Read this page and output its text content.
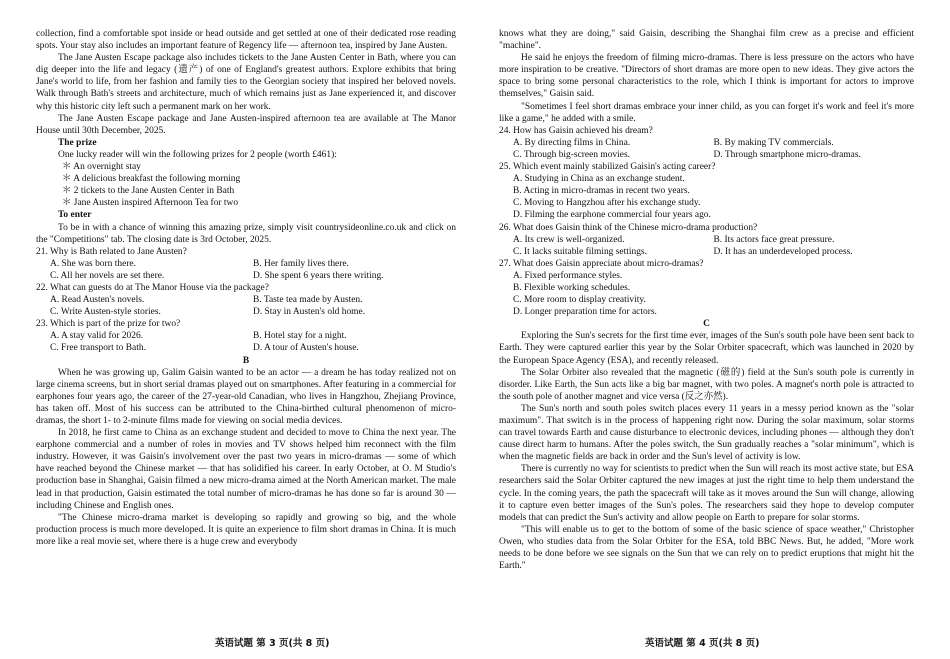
collection, find a comfortable spot inside or head outside and get settled at one of their dedicated rose reading spots. Your stay also includes an important feature of Regency life — afternoon tea, inspired by Jane Austen.

The Jane Austen Escape package also includes tickets to the Jane Austen Center in Bath, where you can dig deeper into the life and legacy (遗产) of one of England's greatest authors. Explore exhibits that bring Jane's world to life, from her fashion and family ties to the Georgian society that inspired her beloved novels. Walk through Bath's streets and architecture, much of which remains just as Jane experienced it, and discover why this historic city left such a permanent mark on her work.

The Jane Austen Escape package and Jane Austen-inspired afternoon tea are available at The Manor House until 30th December, 2025.

The prize

One lucky reader will win the following prizes for 2 people (worth £461):

＊ An overnight stay

＊ A delicious breakfast the following morning

＊ 2 tickets to the Jane Austen Center in Bath

＊ Jane Austen inspired Afternoon Tea for two

To enter

To be in with a chance of winning this amazing prize, simply visit countrysideonline.co.uk and click on the "Competitions" tab. The closing date is 3rd October, 2025.

21. Why is Bath related to Jane Austen?

A. She was born there.	B. Her family lives there.
C. All her novels are set there.	D. She spent 6 years there writing.

22. What can guests do at The Manor House via the package?

A. Read Austen's novels.	B. Taste tea made by Austen.
C. Write Austen-style stories.	D. Stay in Austen's old home.

23. Which is part of the prize for two?

A. A stay valid for 2026.	B. Hotel stay for a night.
C. Free transport to Bath.	D. A tour of Austen's house.

B

When he was growing up, Galim Gaisin wanted to be an actor — a dream he has today realized not on large cinema screens, but in short serial dramas played out on smartphones. After featuring in a commercial for earphones four years ago, the career of the 27-year-old Canadian, who lives in Hangzhou, Zhejiang Province, has taken off. Most of his success can be attributed to the China-birthed cultural phenomenon of micro-dramas, the short 1- to 2-minute films made for viewing on social media devices.

In 2018, he first came to China as an exchange student and decided to move to China the next year. The earphone commercial and a number of roles in movies and TV shows helped him reconnect with the film industry. However, it was Gaisin's involvement over the past two years in micro-dramas — some of which have reached beyond the Chinese market — that has solidified his career. In early October, at O. M Studio's production base in Shanghai, Gaisin filmed a new micro-drama aimed at the North American market. The male lead in that production, Gaisin estimated the total number of micro-dramas he has done so far is around 30 — including Chinese and English ones.

"The Chinese micro-drama market is developing so rapidly and growing so big, and the whole production process is much more developed. It is quite an experience to film short dramas in China. It is much more like a real movie set, where there is a huge crew and everybody

knows what they are doing," said Gaisin, describing the Shanghai film crew as a precise and efficient "machine".

He said he enjoys the freedom of filming micro-dramas. There is less pressure on the actors who have more inspiration to be creative. "Directors of short dramas are more open to new ideas. They give actors the space to bring some personal characteristics to the role, which I think is important for actors to improve themselves," Gaisin said.

"Sometimes I feel short dramas embrace your inner child, as you can forget it's work and feel it's more like a game," he added with a smile.

24. How has Gaisin achieved his dream?

A. By directing films in China.	B. By making TV commercials.
C. Through big-screen movies.	D. Through smartphone micro-dramas.

25. Which event mainly stabilized Gaisin's acting career?

A. Studying in China as an exchange student.
B. Acting in micro-dramas in recent two years.
C. Moving to Hangzhou after his exchange study.
D. Filming the earphone commercial four years ago.

26. What does Gaisin think of the Chinese micro-drama production?

A. Its crew is well-organized.	B. Its actors face great pressure.
C. It lacks suitable filming settings.	D. It has an underdeveloped process.

27. What does Gaisin appreciate about micro-dramas?

A. Fixed performance styles.
B. Flexible working schedules.
C. More room to display creativity.
D. Longer preparation time for actors.

C

Exploring the Sun's secrets for the first time ever, images of the Sun's south pole have been sent back to Earth. They were captured earlier this year by the Solar Orbiter spacecraft, which was launched in 2020 by the European Space Agency (ESA), and recently released.

The Solar Orbiter also revealed that the magnetic (磁的) field at the Sun's south pole is currently in disorder. Like Earth, the Sun acts like a big bar magnet, with two poles. A magnet's north pole is attracted to the south pole of another magnet and vice versa (反之亦然).

The Sun's north and south poles switch places every 11 years in a messy period known as the "solar maximum". That switch is in the process of happening right now. During the solar maximum, solar storms can travel towards Earth and cause disturbance to electronic devices, including phones — although they don't cause direct harm to humans. After the poles switch, the Sun gradually reaches a "solar minimum", which is when the magnetic fields are back in order and the Sun's level of activity is low.

There is currently no way for scientists to predict when the Sun will reach its most active state, but ESA researchers said the Solar Orbiter captured the new images at just the right time to help them understand the cycle. In the coming years, the path the spacecraft will take as it moves around the Sun will change, allowing it to capture even better images of the Sun's poles. The researchers said they hope to develop computer models that can predict the Sun's activity and allow people on Earth to prepare for solar storms.

"This will enable us to get to the bottom of some of the basic science of space weather," Christopher Owen, who studies data from the Solar Orbiter for the ESA, told BBC News. But, he added, "More work needs to be done before we see signals on the Sun that we can rely on to predict eruptions that might hit the Earth."

英语试题 第 3 页(共 8 页)	英语试题 第 4 页(共 8 页)
